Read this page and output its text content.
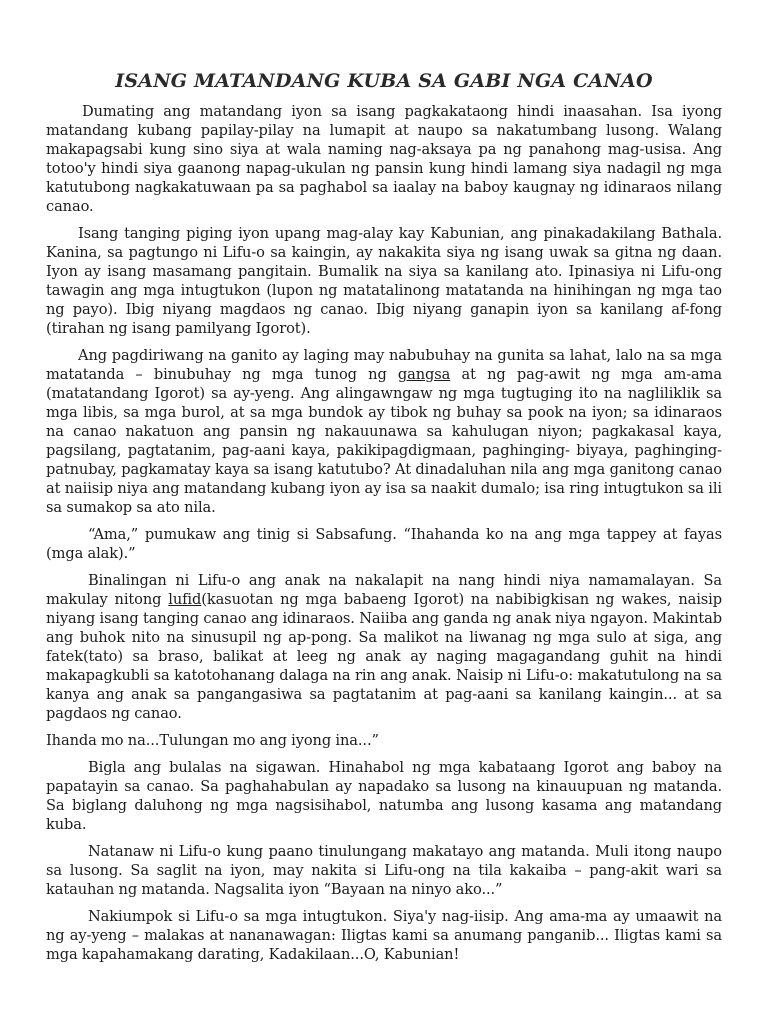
ISANG MATANDANG KUBA SA GABI NGA CANAO

Dumating ang matandang iyon sa isang pagkakataong hindi inaasahan. Isa iyong matandang kubang papilay-pilay na lumapit at naupo sa nakatumbang lusong. Walang makapagsabi kung sino siya at wala naming nag-aksaya pa ng panahong mag-usisa. Ang totoo'y hindi siya gaanong napag-ukulan ng pansin kung hindi lamang siya nadagil ng mga katutubong nagkakatuwaan pa sa paghabol sa iaalay na baboy kaugnay ng idinaraos nilang canao.

Isang tanging piging iyon upang mag-alay kay Kabunian, ang pinakadakilang Bathala. Kanina, sa pagtungo ni Lifu-o sa kaingin, ay nakakita siya ng isang uwak sa gitna ng daan. Iyon ay isang masamang pangitain. Bumalik na siya sa kanilang ato. Ipinasiya ni Lifu-ong tawagin ang mga intugtukon (lupon ng matatalinong matatanda na hinihingan ng mga tao ng payo). Ibig niyang magdaos ng canao. Ibig niyang ganapin iyon sa kanilang af-fong (tirahan ng isang pamilyang Igorot).

Ang pagdiriwang na ganito ay laging may nabubuhay na gunita sa lahat, lalo na sa mga matatanda – binubuhay ng mga tunog ng gangsa at ng pag-awit ng mga am-ama (matatandang Igorot) sa ay-yeng. Ang alingawngaw ng mga tugtuging ito na nagliliklik sa mga libis, sa mga burol, at sa mga bundok ay tibok ng buhay sa pook na iyon; sa idinaraos na canao nakatuon ang pansin ng nakauunawa sa kahulugan niyon; pagkakasal kaya, pagsilang, pagtatanim, pag-aani kaya, pakikipagdigmaan, paghinging- biyaya, paghinging-patnubay, pagkamatay kaya sa isang katutubo? At dinadaluhan nila ang mga ganitong canao at naiisip niya ang matandang kubang iyon ay isa sa naakit dumalo; isa ring intugtukon sa ili sa sumakop sa ato nila.

“Ama,” pumukaw ang tinig si Sabsafung. “Ihahanda ko na ang mga tappey at fayas (mga alak).”

Binalingan ni Lifu-o ang anak na nakalapit na nang hindi niya namamalayan. Sa makulay nitong lufid(kasuotan ng mga babaeng Igorot) na nabibigkisan ng wakes, naisip niyang isang tanging canao ang idinaraos. Naiiba ang ganda ng anak niya ngayon. Makintab ang buhok nito na sinusupil ng ap-pong. Sa malikot na liwanag ng mga sulo at siga, ang fatek(tato) sa braso, balikat at leeg ng anak ay naging magagandang guhit na hindi makapagkubli sa katotohanang dalaga na rin ang anak. Naisip ni Lifu-o: makatutulong na sa kanya ang anak sa pangangasiwa sa pagtatanim at pag-aani sa kanilang kaingin... at sa pagdaos ng canao.

Ihanda mo na...Tulungan mo ang iyong ina...”

Bigla ang bulalas na sigawan. Hinahabol ng mga kabataang Igorot ang baboy na papatayin sa canao. Sa paghahabulan ay napadako sa lusong na kinauupuan ng matanda. Sa biglang daluhong ng mga nagsisihabol, natumba ang lusong kasama ang matandang kuba.

Natanaw ni Lifu-o kung paano tinulungang makatayo ang matanda. Muli itong naupo sa lusong. Sa saglit na iyon, may nakita si Lifu-ong na tila kakaiba – pang-akit wari sa katauhan ng matanda. Nagsalita iyon “Bayaan na ninyo ako...”

Nakiumpok si Lifu-o sa mga intugtukon. Siya'y nag-iisip. Ang ama-ma ay umaawit na ng ay-yeng – malakas at nananawagan: Iligtas kami sa anumang panganib... Iligtas kami sa mga kapahamakang darating, Kadakilaan...O, Kabunian!
